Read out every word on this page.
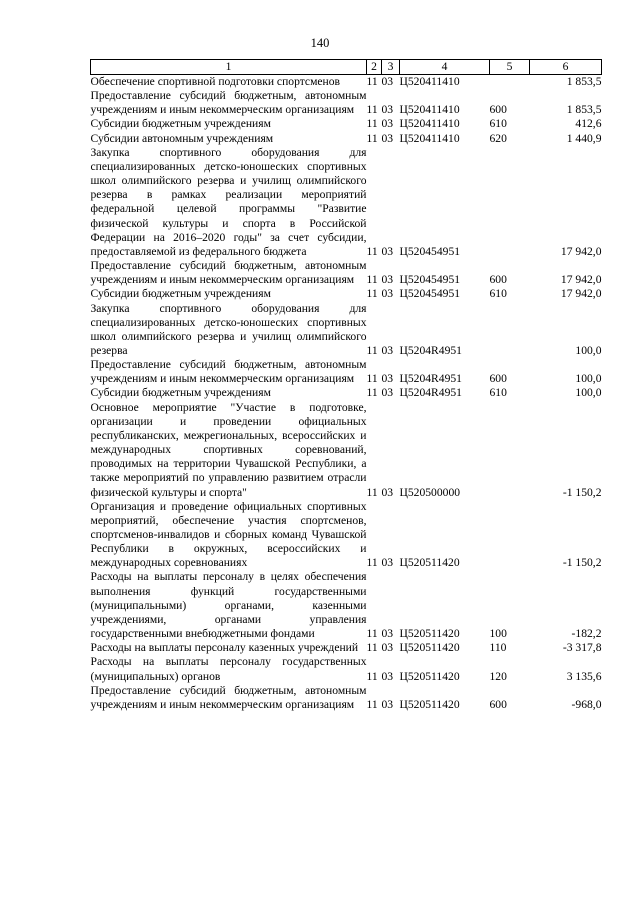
140
1	2	3	4	5	6
Обеспечение спортивной подготовки спортсменов	11	03	Ц520411410		1 853,5
Предоставление субсидий бюджетным, автономным учреждениям и иным некоммерческим организациям	11	03	Ц520411410	600	1 853,5
Субсидии бюджетным учреждениям	11	03	Ц520411410	610	412,6
Субсидии автономным учреждениям	11	03	Ц520411410	620	1 440,9
Закупка спортивного оборудования для специализированных детско-юношеских спортивных школ олимпийского резерва и училищ олимпийского резерва в рамках реализации мероприятий федеральной целевой программы "Развитие физической культуры и спорта в Российской Федерации на 2016–2020 годы" за счет субсидии, предоставляемой из федерального бюджета	11	03	Ц520454951		17 942,0
Предоставление субсидий бюджетным, автономным учреждениям и иным некоммерческим организациям	11	03	Ц520454951	600	17 942,0
Субсидии бюджетным учреждениям	11	03	Ц520454951	610	17 942,0
Закупка спортивного оборудования для специализированных детско-юношеских спортивных школ олимпийского резерва и училищ олимпийского резерва	11	03	Ц5204R4951		100,0
Предоставление субсидий бюджетным, автономным учреждениям и иным некоммерческим организациям	11	03	Ц5204R4951	600	100,0
Субсидии бюджетным учреждениям	11	03	Ц5204R4951	610	100,0
Основное мероприятие "Участие в подготовке, организации и проведении официальных республиканских, межрегиональных, всероссийских и международных спортивных соревнований, проводимых на территории Чувашской Республики, а также мероприятий по управлению развитием отрасли физической культуры и спорта"	11	03	Ц520500000		-1 150,2
Организация и проведение официальных спортивных мероприятий, обеспечение участия спортсменов, спортсменов-инвалидов и сборных команд Чувашской Республики в окружных, всероссийских и международных соревнованиях	11	03	Ц520511420		-1 150,2
Расходы на выплаты персоналу в целях обеспечения выполнения функций государственными (муниципальными) органами, казенными учреждениями, органами управления государственными внебюджетными фондами	11	03	Ц520511420	100	-182,2
Расходы на выплаты персоналу казенных учреждений	11	03	Ц520511420	110	-3 317,8
Расходы на выплаты персоналу государственных (муниципальных) органов	11	03	Ц520511420	120	3 135,6
Предоставление субсидий бюджетным, автономным учреждениям и иным некоммерческим организациям	11	03	Ц520511420	600	-968,0
